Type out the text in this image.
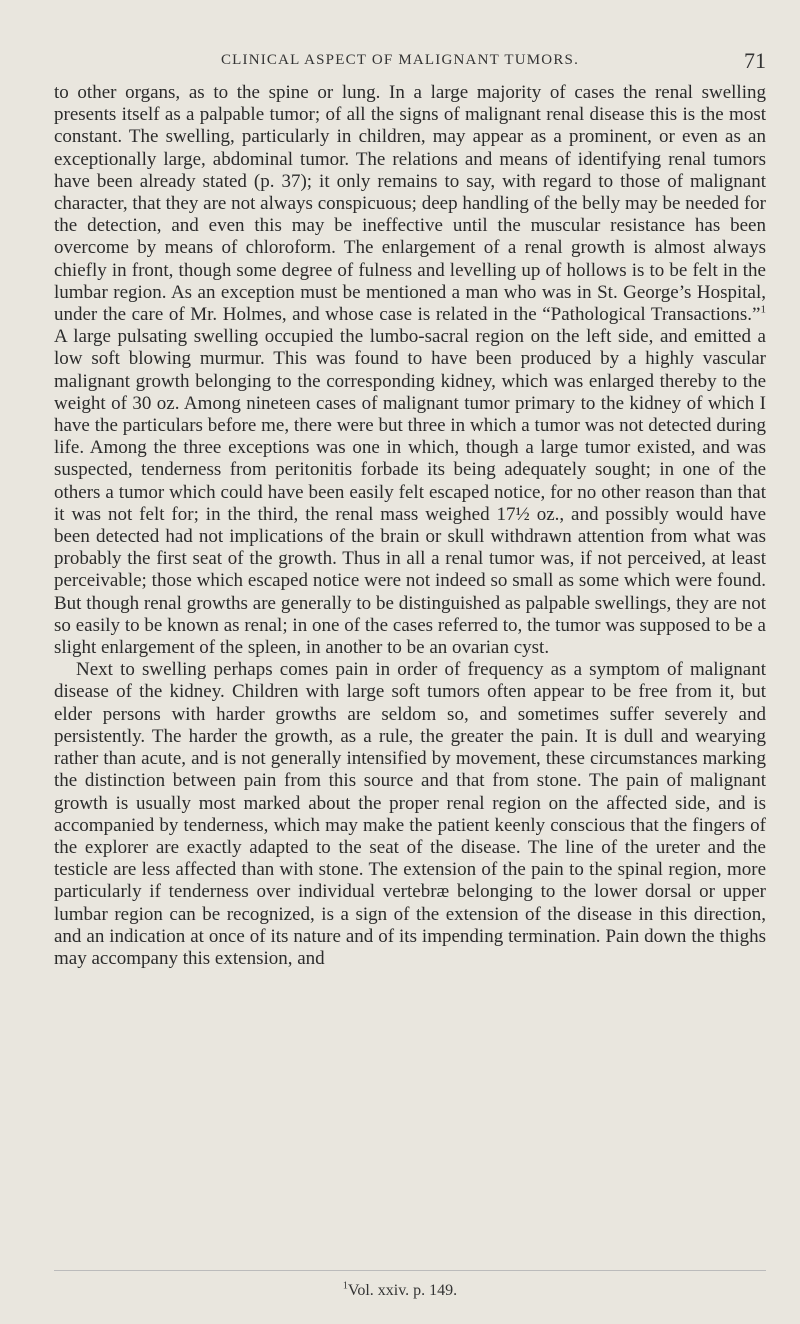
CLINICAL ASPECT OF MALIGNANT TUMORS.	71

to other organs, as to the spine or lung. In a large majority of cases the renal swelling presents itself as a palpable tumor; of all the signs of malignant renal disease this is the most constant. The swelling, particularly in children, may appear as a prominent, or even as an exceptionally large, abdominal tumor. The relations and means of identifying renal tumors have been already stated (p. 37); it only remains to say, with regard to those of malignant character, that they are not always conspicuous; deep handling of the belly may be needed for the detection, and even this may be ineffective until the muscular resistance has been overcome by means of chloroform. The enlargement of a renal growth is almost always chiefly in front, though some degree of fulness and levelling up of hollows is to be felt in the lumbar region. As an exception must be mentioned a man who was in St. George’s Hospital, under the care of Mr. Holmes, and whose case is related in the “Pathological Transactions.”$^1$ A large pulsating swelling occupied the lumbo-sacral region on the left side, and emitted a low soft blowing murmur. This was found to have been produced by a highly vascular malignant growth belonging to the corresponding kidney, which was enlarged thereby to the weight of 30 oz. Among nineteen cases of malignant tumor primary to the kidney of which I have the particulars before me, there were but three in which a tumor was not detected during life. Among the three exceptions was one in which, though a large tumor existed, and was suspected, tenderness from peritonitis forbade its being adequately sought; in one of the others a tumor which could have been easily felt escaped notice, for no other reason than that it was not felt for; in the third, the renal mass weighed 17½ oz., and possibly would have been detected had not implications of the brain or skull withdrawn attention from what was probably the first seat of the growth. Thus in all a renal tumor was, if not perceived, at least perceivable; those which escaped notice were not indeed so small as some which were found. But though renal growths are generally to be distinguished as palpable swellings, they are not so easily to be known as renal; in one of the cases referred to, the tumor was supposed to be a slight enlargement of the spleen, in another to be an ovarian cyst.

Next to swelling perhaps comes pain in order of frequency as a symptom of malignant disease of the kidney. Children with large soft tumors often appear to be free from it, but elder persons with harder growths are seldom so, and sometimes suffer severely and persistently. The harder the growth, as a rule, the greater the pain. It is dull and wearying rather than acute, and is not generally intensified by movement, these circumstances marking the distinction between pain from this source and that from stone. The pain of malignant growth is usually most marked about the proper renal region on the affected side, and is accompanied by tenderness, which may make the patient keenly conscious that the fingers of the explorer are exactly adapted to the seat of the disease. The line of the ureter and the testicle are less affected than with stone. The extension of the pain to the spinal region, more particularly if tenderness over individual vertebræ belonging to the lower dorsal or upper lumbar region can be recognized, is a sign of the extension of the disease in this direction, and an indication at once of its nature and of its impending termination. Pain down the thighs may accompany this extension, and

$^1$Vol. xxiv. p. 149.
